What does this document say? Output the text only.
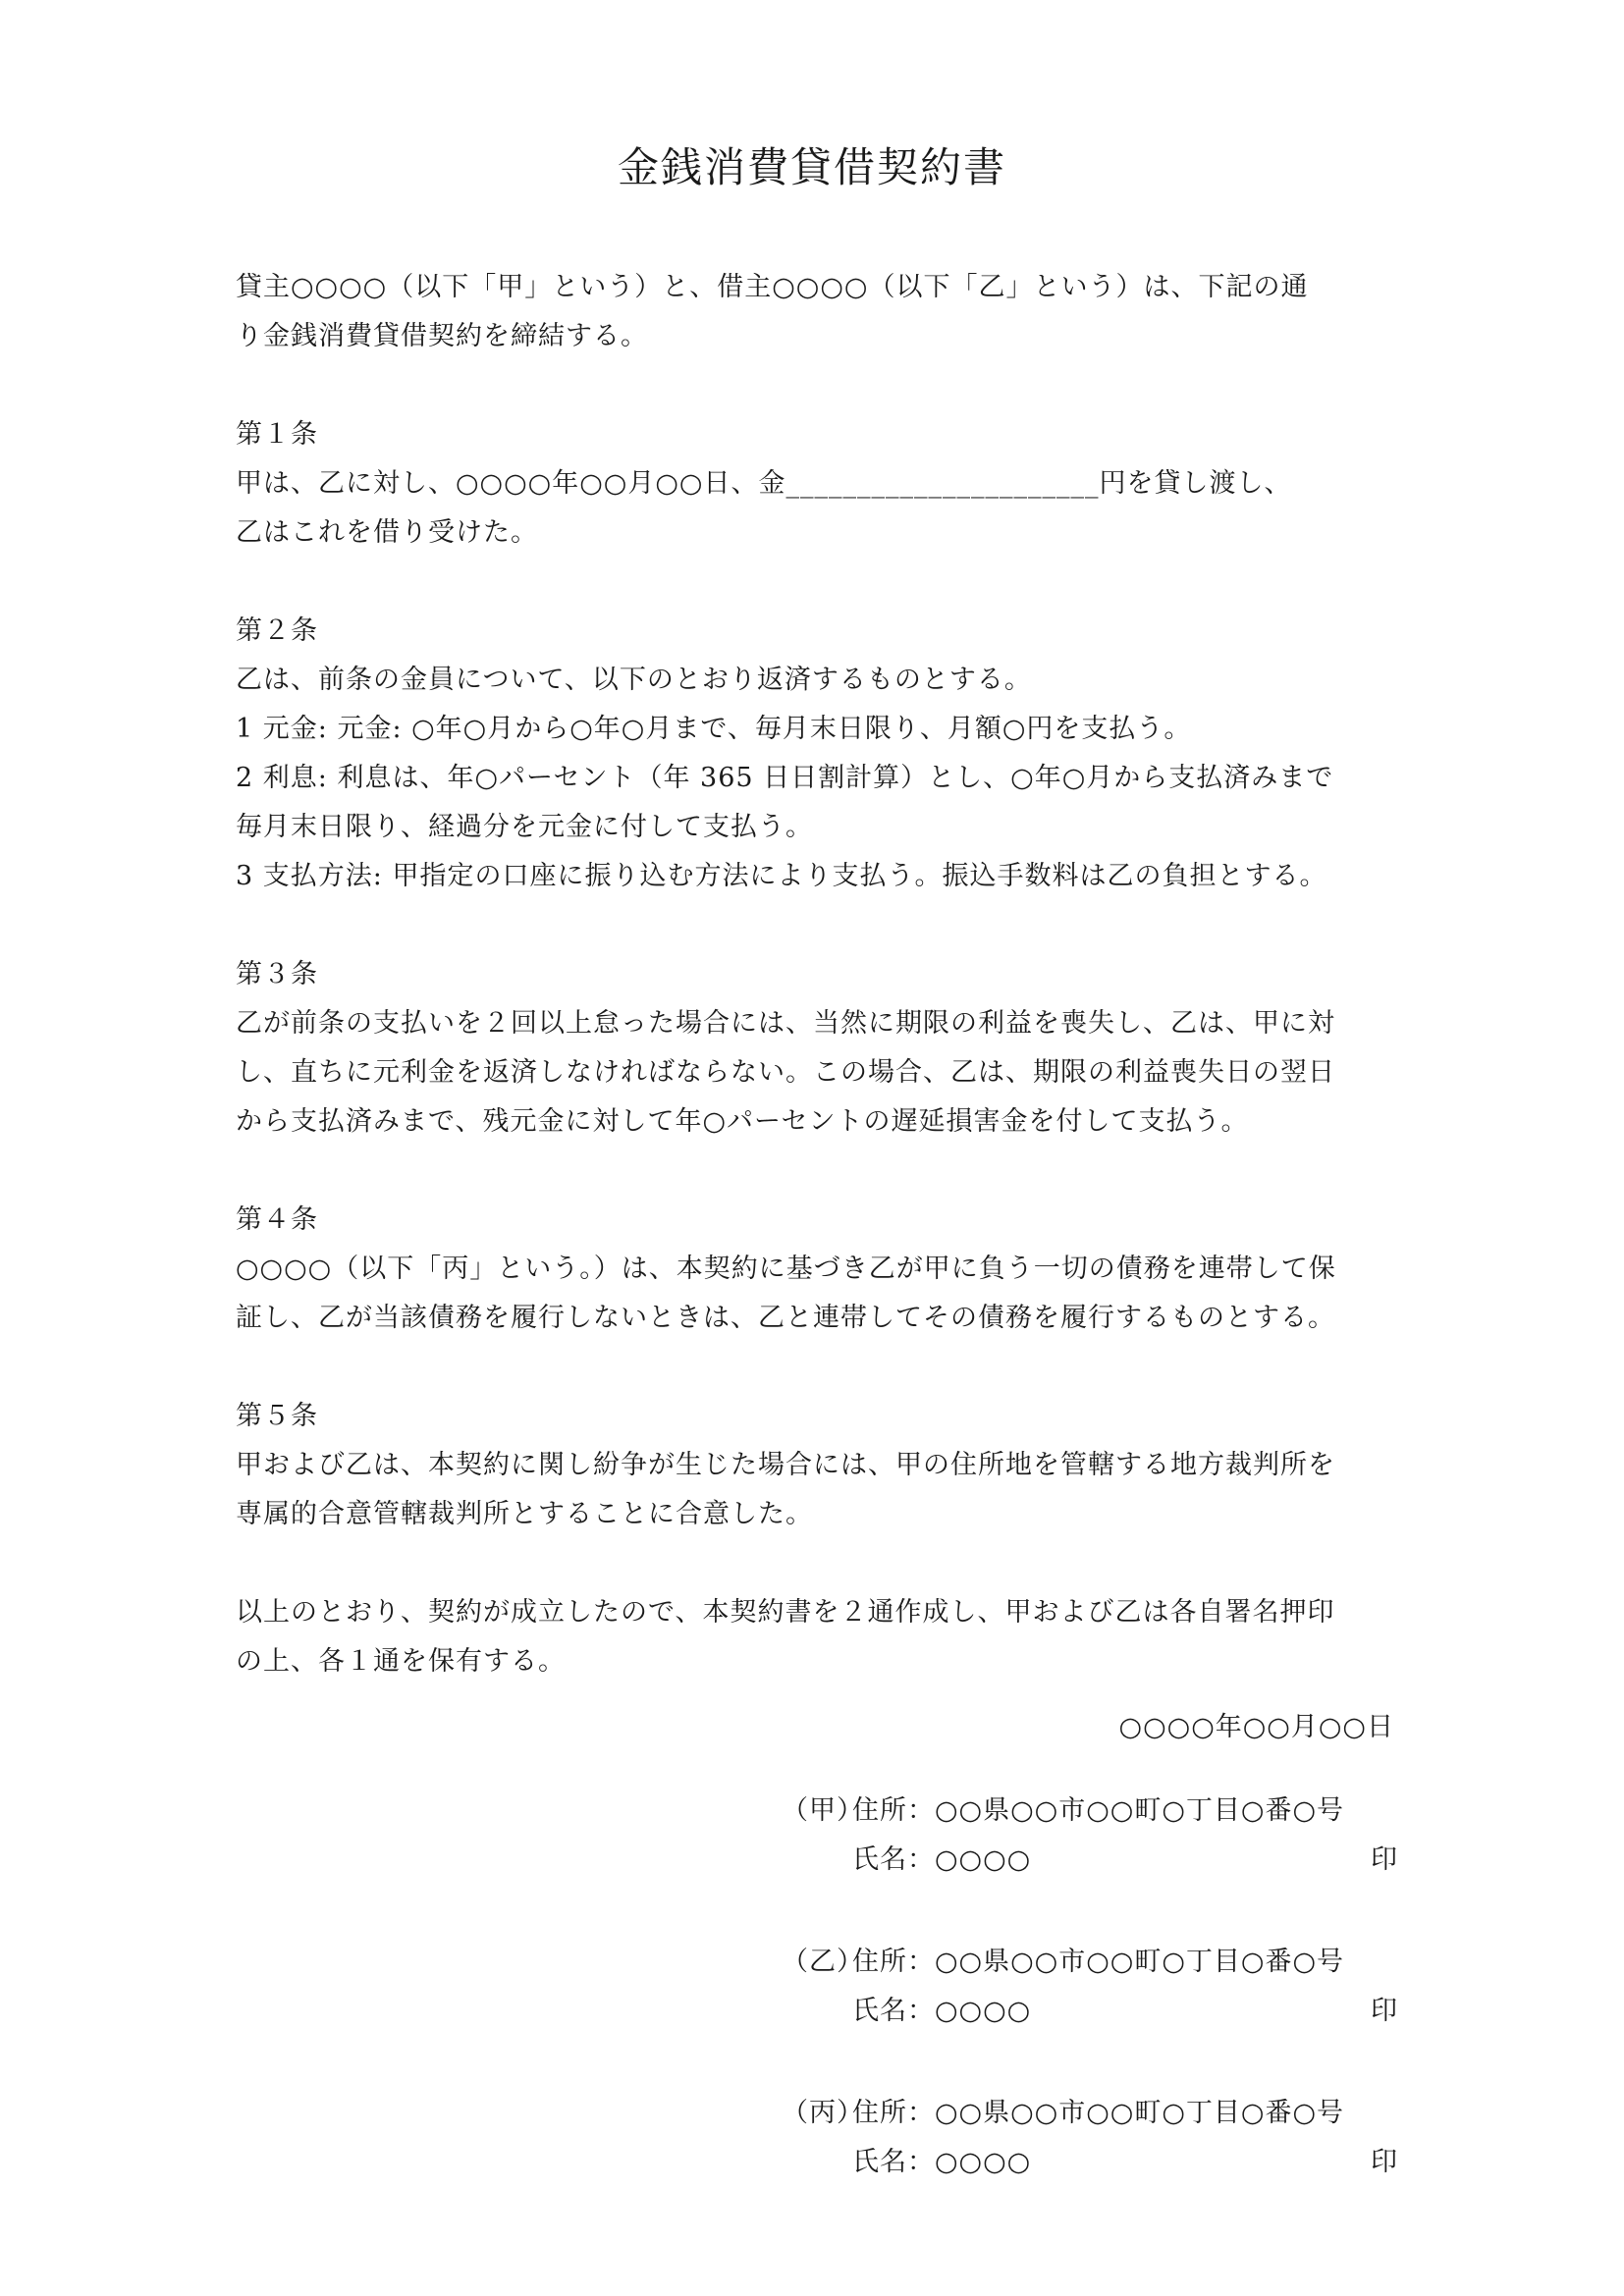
金銭消費貸借契約書
貸主○○○○（以下「甲」という）と、借主○○○○（以下「乙」という）は、下記の通
り金銭消費貸借契約を締結する。
第１条
甲は、乙に対し、○○○○年○○月○○日、金______________________円を貸し渡し、
乙はこれを借り受けた。
第２条
乙は、前条の金員について、以下のとおり返済するものとする。
1 元金: 元金: ○年○月から○年○月まで、毎月末日限り、月額○円を支払う。
2 利息: 利息は、年○パーセント（年 365 日日割計算）とし、○年○月から支払済みまで
毎月末日限り、経過分を元金に付して支払う。
3 支払方法: 甲指定の口座に振り込む方法により支払う。振込手数料は乙の負担とする。
第３条
乙が前条の支払いを２回以上怠った場合には、当然に期限の利益を喪失し、乙は、甲に対
し、直ちに元利金を返済しなければならない。この場合、乙は、期限の利益喪失日の翌日
から支払済みまで、残元金に対して年○パーセントの遅延損害金を付して支払う。
第４条
○○○○（以下「丙」という。）は、本契約に基づき乙が甲に負う一切の債務を連帯して保
証し、乙が当該債務を履行しないときは、乙と連帯してその債務を履行するものとする。
第５条
甲および乙は、本契約に関し紛争が生じた場合には、甲の住所地を管轄する地方裁判所を
専属的合意管轄裁判所とすることに合意した。
以上のとおり、契約が成立したので、本契約書を２通作成し、甲および乙は各自署名押印
の上、各１通を保有する。
○○○○年○○月○○日
（甲）
住所：○○県○○市○○町○丁目○番○号
氏名：○○○○	印
（乙）
住所：○○県○○市○○町○丁目○番○号
氏名：○○○○	印
（丙）
住所：○○県○○市○○町○丁目○番○号
氏名：○○○○	印
